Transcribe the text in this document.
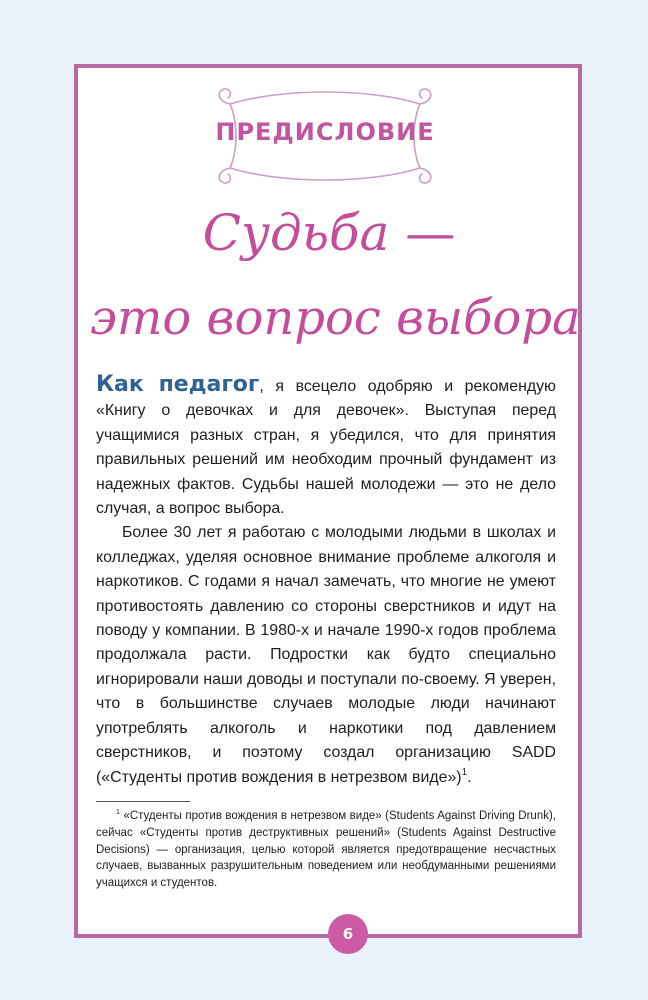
ПРЕДИСЛОВИЕ
Судьба —
это вопрос выбора

Как педагог, я всецело одобряю и рекомендую «Книгу о девочках и для девочек». Выступая перед учащимися разных стран, я убедился, что для принятия правильных решений им необходим прочный фундамент из надежных фактов. Судьбы нашей молодежи — это не дело случая, а вопрос выбора.

Более 30 лет я работаю с молодыми людьми в школах и колледжах, уделяя основное внимание проблеме алкоголя и наркотиков. С годами я начал замечать, что многие не умеют противостоять давлению со стороны сверстников и идут на поводу у компании. В 1980-х и начале 1990-х годов проблема продолжала расти. Подростки как будто специально игнорировали наши доводы и поступали по-своему. Я уверен, что в большинстве случаев молодые люди начинают употреблять алкоголь и наркотики под давлением сверстников, и поэтому создал организацию SADD («Студенты против вождения в нетрезвом виде»)$^1$.

$^1$ «Студенты против вождения в нетрезвом виде» (Students Against Driving Drunk), сейчас «Студенты против деструктивных решений» (Students Against Destructive Decisions) — организация, целью которой является предотвращение несчастных случаев, вызванных разрушительным поведением или необдуманными решениями учащихся и студентов.

6
